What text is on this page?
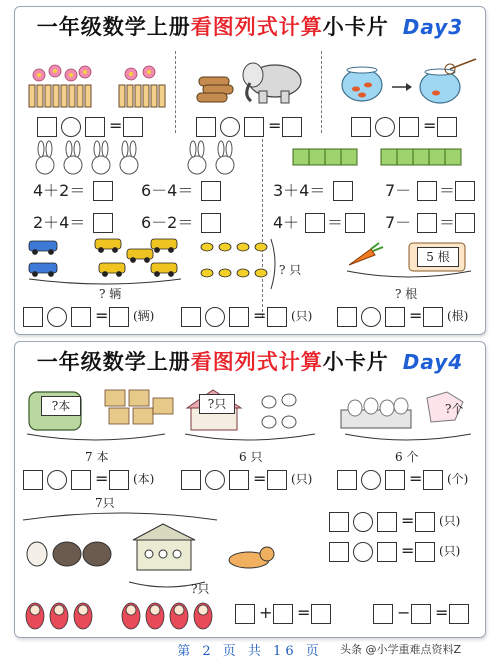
一年级数学上册看图列式计算小卡片 Day3
=	=	=
4＋2＝	6－4＝
2＋4＝	6－2＝
3＋4＝	7－ ＝
4＋ ＝	7－ ＝
? 辆
? 只
5 根
? 根
= (辆)	= (只)	= (根)
一年级数学上册看图列式计算小卡片 Day4
?本	?只	?个
7 本	6 只	6 个
= (本)	= (只)	= (个)
7只
?只
= (只)
= (只)
+ =	− =
第 2 页 共 16 页	头条 @小学重难点资料Z
